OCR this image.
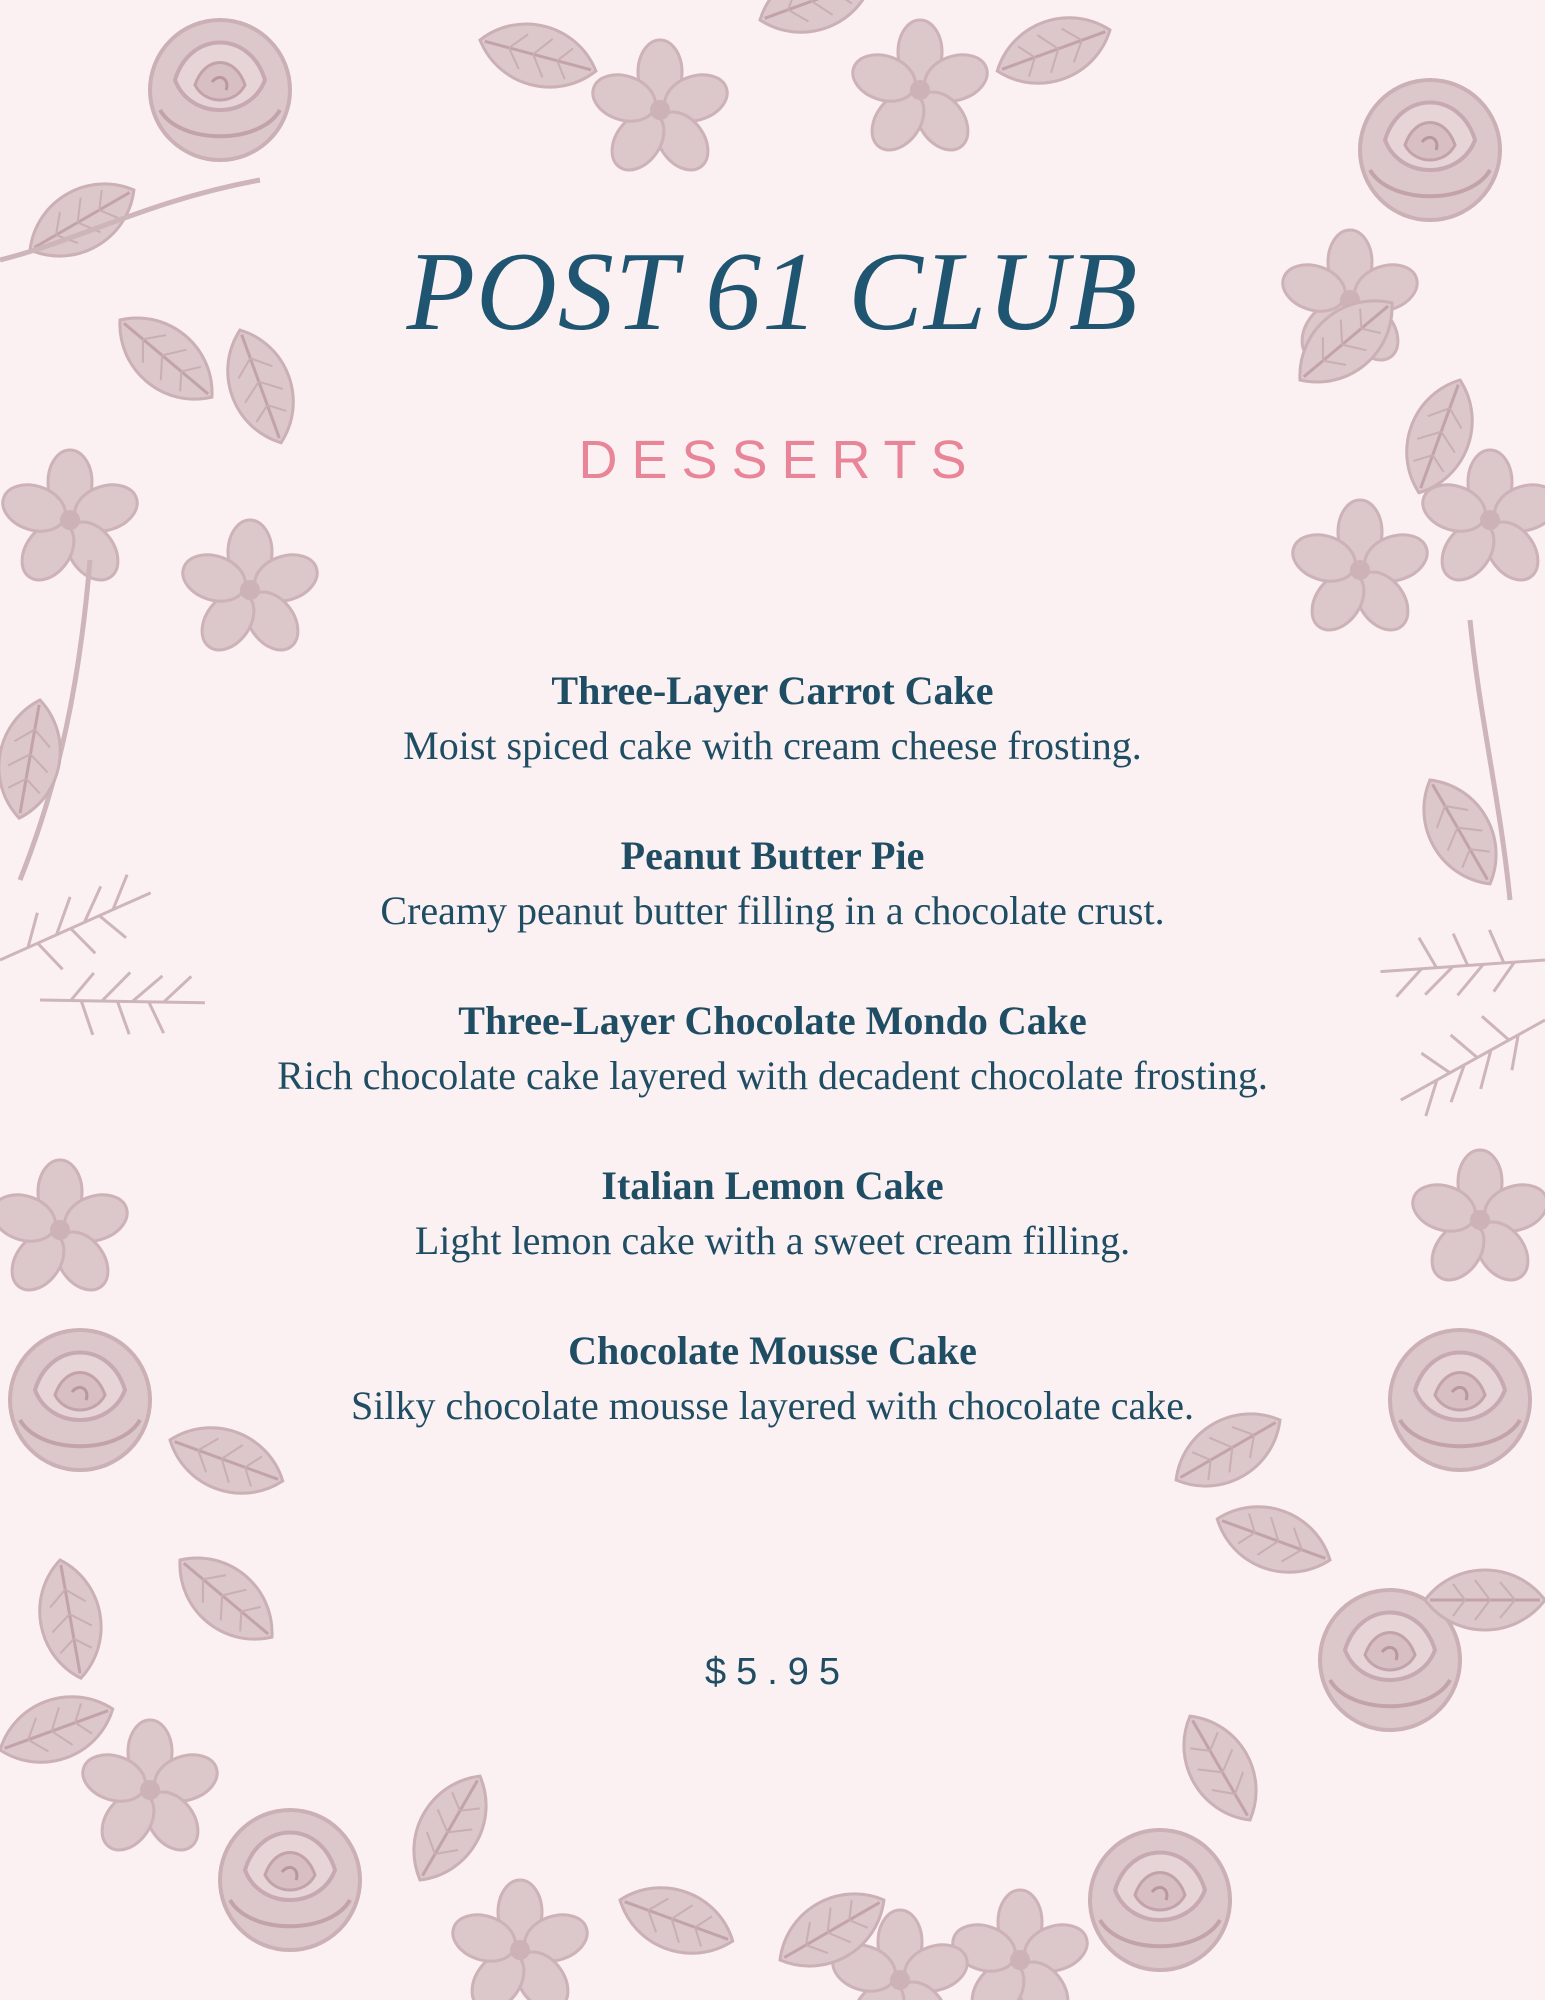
POST 61 CLUB
DESSERTS
Three-Layer Carrot Cake
Moist spiced cake with cream cheese frosting.
Peanut Butter Pie
Creamy peanut butter filling in a chocolate crust.
Three-Layer Chocolate Mondo Cake
Rich chocolate cake layered with decadent chocolate frosting.
Italian Lemon Cake
Light lemon cake with a sweet cream filling.
Chocolate Mousse Cake
Silky chocolate mousse layered with chocolate cake.
$5.95
